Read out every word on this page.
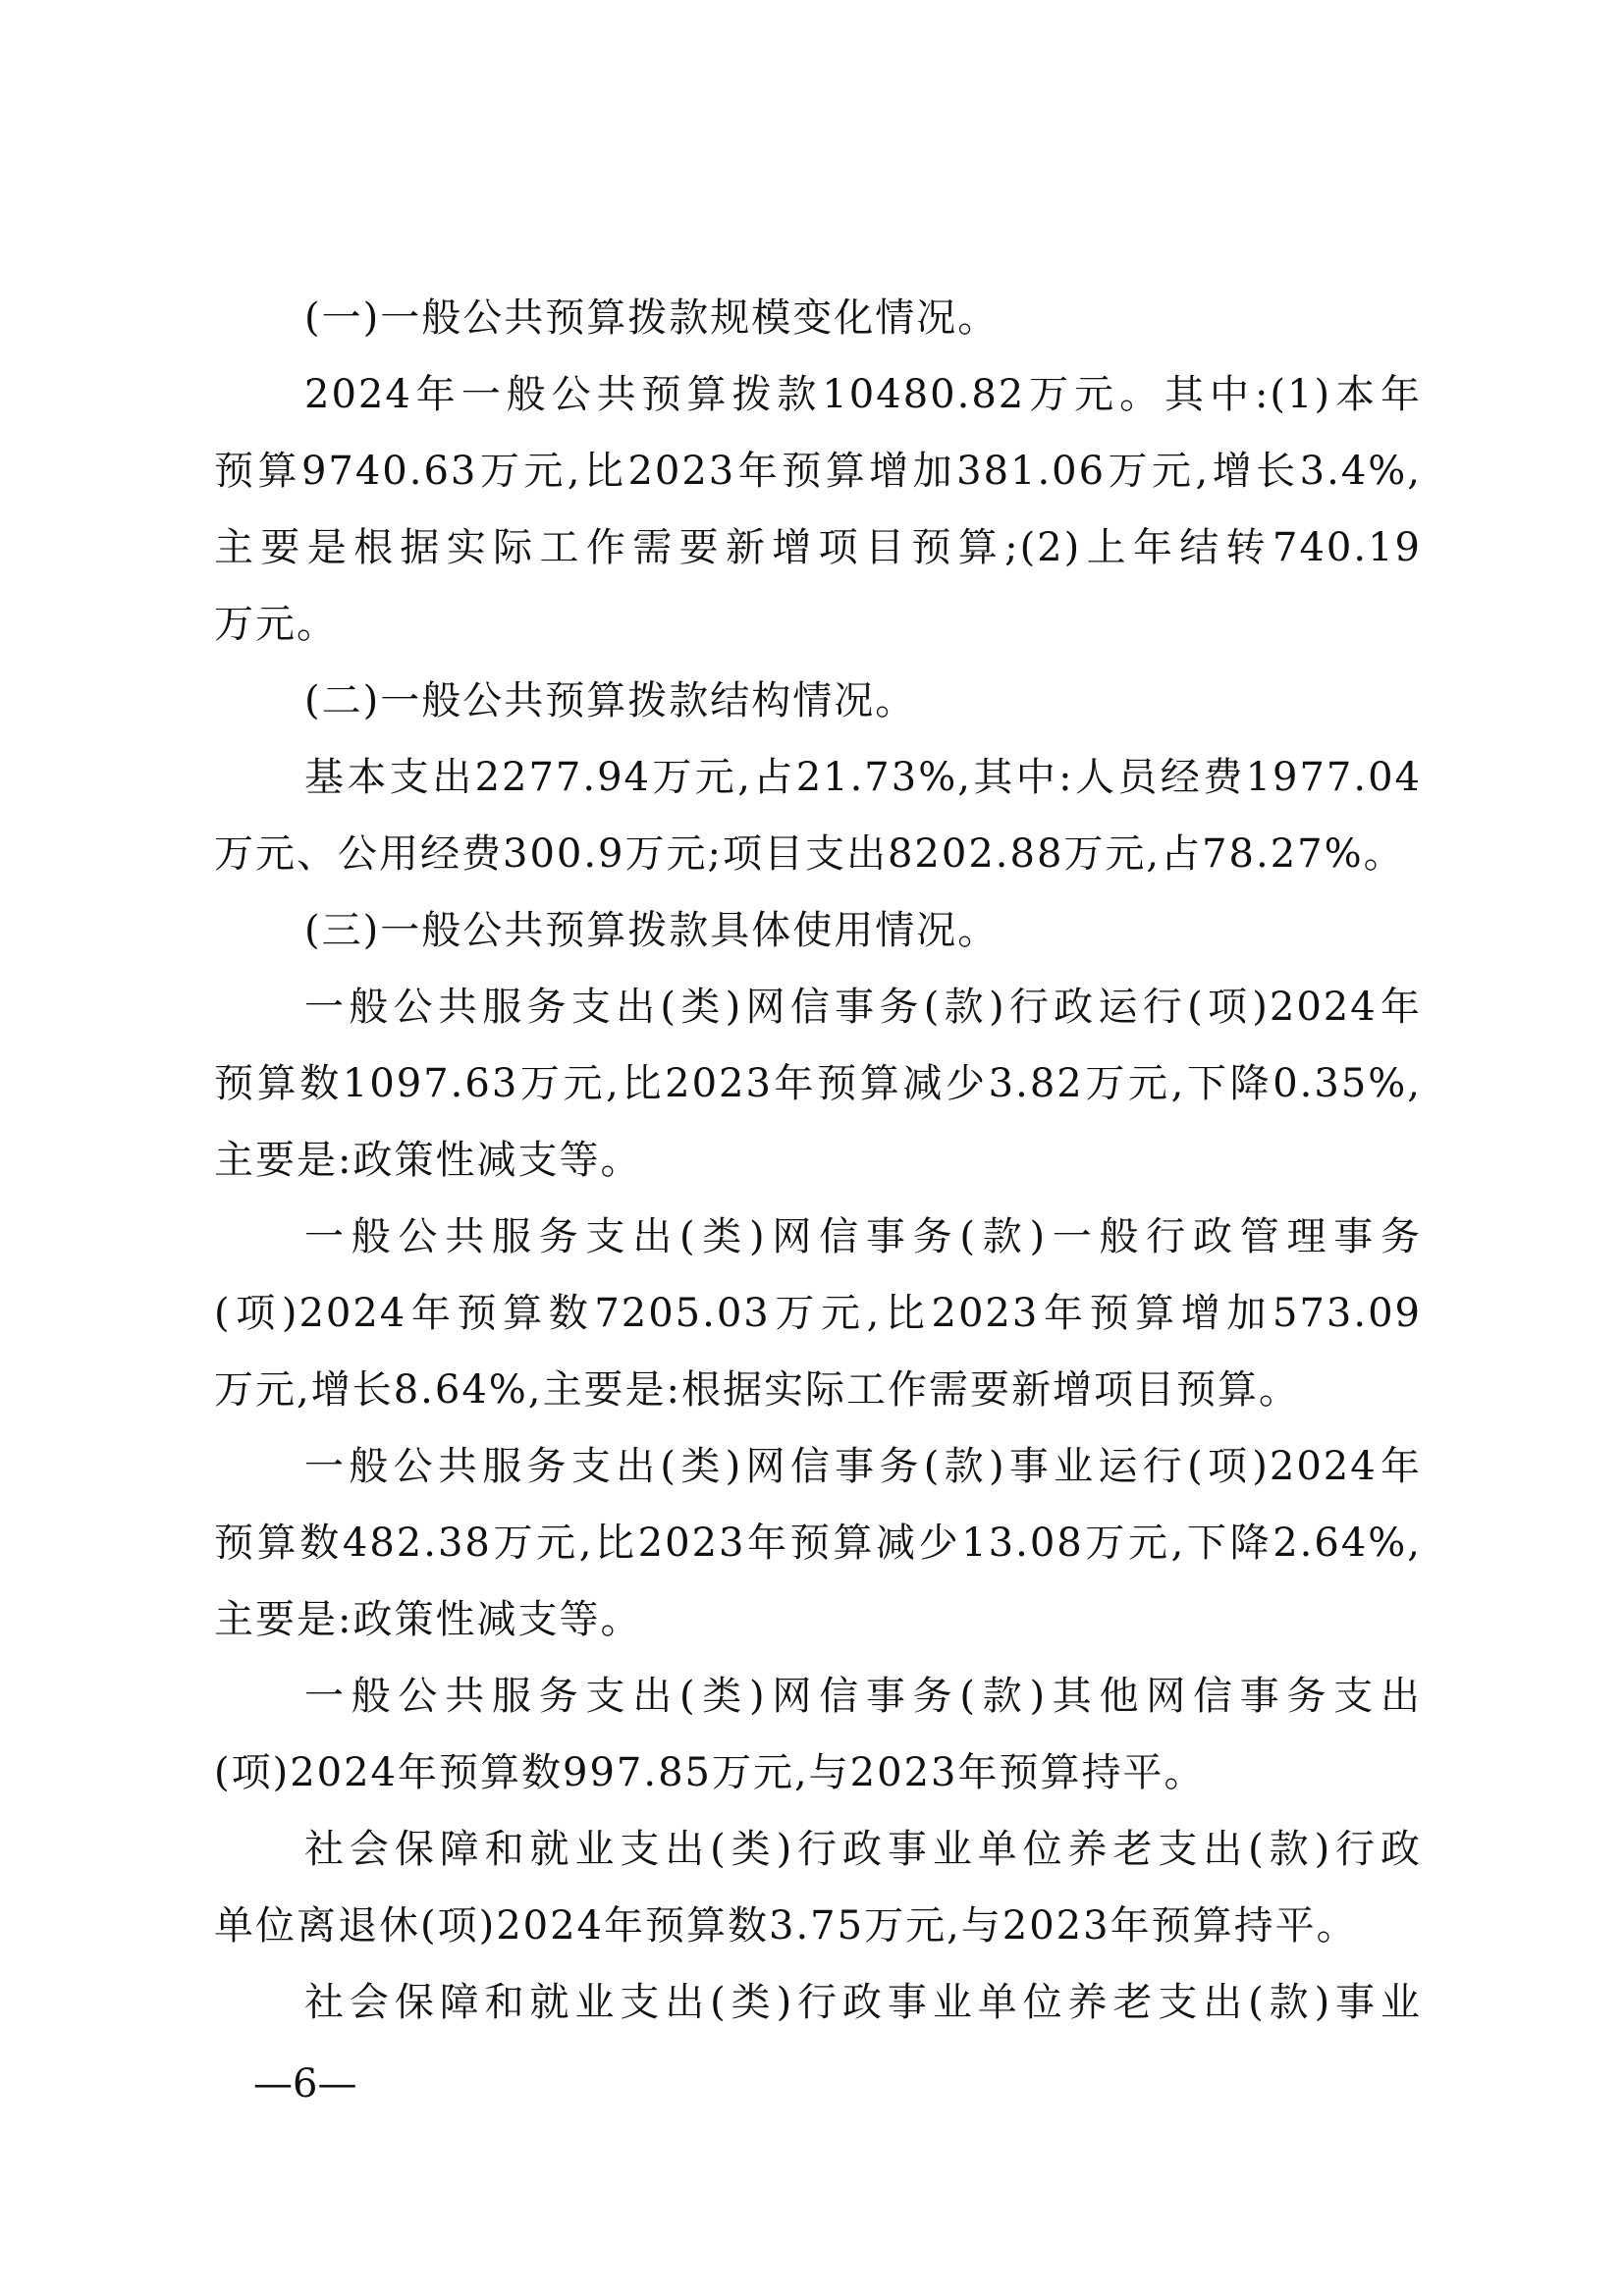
(一)一般公共预算拨款规模变化情况。
2024年一般公共预算拨款10480.82万元。其中:(1)本年
预算9740.63万元,比2023年预算增加381.06万元,增长3.4%,
主要是根据实际工作需要新增项目预算;(2)上年结转740.19
万元。
(二)一般公共预算拨款结构情况。
基本支出2277.94万元,占21.73%,其中:人员经费1977.04
万元、公用经费300.9万元;项目支出8202.88万元,占78.27%。
(三)一般公共预算拨款具体使用情况。
一般公共服务支出(类)网信事务(款)行政运行(项)2024年
预算数1097.63万元,比2023年预算减少3.82万元,下降0.35%,
主要是:政策性减支等。
一般公共服务支出(类)网信事务(款)一般行政管理事务
(项)2024年预算数7205.03万元,比2023年预算增加573.09
万元,增长8.64%,主要是:根据实际工作需要新增项目预算。
一般公共服务支出(类)网信事务(款)事业运行(项)2024年
预算数482.38万元,比2023年预算减少13.08万元,下降2.64%,
主要是:政策性减支等。
一般公共服务支出(类)网信事务(款)其他网信事务支出
(项)2024年预算数997.85万元,与2023年预算持平。
社会保障和就业支出(类)行政事业单位养老支出(款)行政
单位离退休(项)2024年预算数3.75万元,与2023年预算持平。
社会保障和就业支出(类)行政事业单位养老支出(款)事业
—6—
